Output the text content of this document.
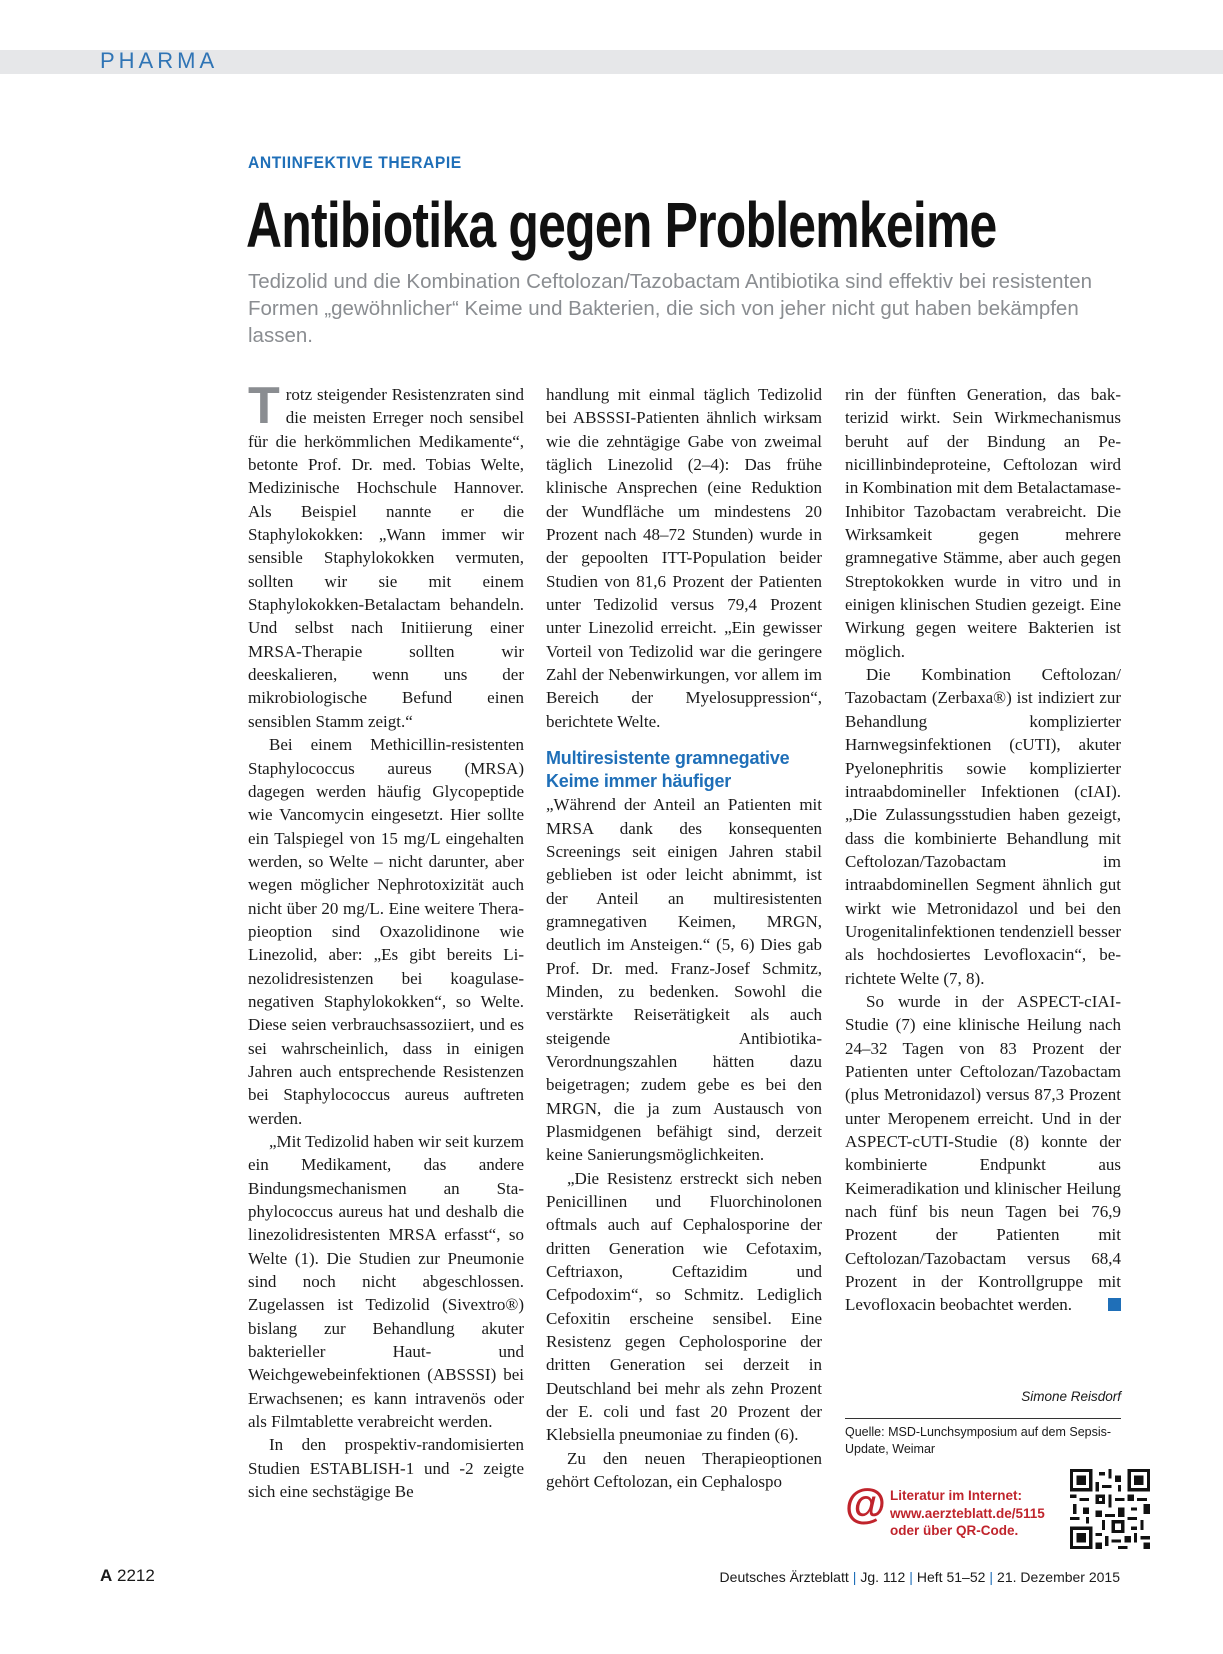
PHARMA
ANTIINFEKTIVE THERAPIE
Antibiotika gegen Problemkeime
Tedizolid und die Kombination Ceftolozan/Tazobactam Antibiotika sind effektiv bei resistenten Formen „gewöhnlicher“ Keime und Bakterien, die sich von jeher nicht gut haben bekämpfen lassen.

Trotz steigender Resistenzraten sind die meisten Erreger noch sensibel für die herkömmlichen Medikamente“, betonte Prof. Dr. med. Tobias Welte, Medizinische Hochschule Hannover. Als Beispiel nannte er die Staphylokokken: „Wann immer wir sensible Staphylokokken vermuten, sollten wir sie mit einem Staphylokokken-Betalactam behandeln. Und selbst nach Initiierung einer MRSA-Therapie sollten wir deeskalieren, wenn uns der mikrobiologische Befund einen sensiblen Stamm zeigt.“

Bei einem Methicillin-resistenten Staphylococcus aureus (MRSA) dagegen werden häufig Glycopeptide wie Vancomycin eingesetzt. Hier sollte ein Talspiegel von 15 mg/L eingehalten werden, so Welte – nicht darunter, aber wegen möglicher Nephrotoxizität auch nicht über 20 mg/L. Eine weitere Therapieoption sind Oxazolidinone wie Linezolid, aber: „Es gibt bereits Linezolidresistenzen bei koagulasenegativen Staphylokokken“, so Welte. Diese seien verbrauchsassoziiert, und es sei wahrscheinlich, dass in einigen Jahren auch entsprechende Resistenzen bei Staphylococcus aureus auftreten werden.

„Mit Tedizolid haben wir seit kurzem ein Medikament, das andere Bindungsmechanismen an Staphylococcus aureus hat und deshalb die linezolidresistenten MRSA erfasst“, so Welte (1). Die Studien zur Pneumonie sind noch nicht abgeschlossen. Zugelassen ist Tedizolid (Sivextro®) bislang zur Behandlung akuter bakterieller Haut- und Weichgewebeinfektionen (ABSSSI) bei Erwachsenen; es kann intravenös oder als Filmtablette verabreicht werden.

In den prospektiv-randomisierten Studien ESTABLISH-1 und -2 zeigte sich eine sechstägige Be

handlung mit einmal täglich Tedizolid bei ABSSSI-Patienten ähnlich wirksam wie die zehntägige Gabe von zweimal täglich Linezolid (2–4): Das frühe klinische Ansprechen (eine Reduktion der Wundfläche um mindestens 20 Prozent nach 48–72 Stunden) wurde in der gepoolten ITT-Population beider Studien von 81,6 Prozent der Patienten unter Tedizolid versus 79,4 Prozent unter Linezolid erreicht. „Ein gewisser Vorteil von Tedizolid war die geringere Zahl der Nebenwirkungen, vor allem im Bereich der Myelosuppression“, berichtete Welte.

Multiresistente gramnegative Keime immer häufiger

„Während der Anteil an Patienten mit MRSA dank des konsequenten Screenings seit einigen Jahren stabil geblieben ist oder leicht abnimmt, ist der Anteil an multiresistenten gramnegativen Keimen, MRGN, deutlich im Ansteigen.“ (5, 6) Dies gab Prof. Dr. med. Franz-Josef Schmitz, Minden, zu bedenken. Sowohl die verstärkte Reiseтätigkeit als auch steigende Antibiotika-Verordnungszahlen hätten dazu beigetragen; zudem gebe es bei den MRGN, die ja zum Austausch von Plasmidgenen befähigt sind, derzeit keine Sanierungsmöglichkeiten.

„Die Resistenz erstreckt sich neben Penicillinen und Fluorchinolonen oftmals auch auf Cephalosporine der dritten Generation wie Cefotaxim, Ceftriaxon, Ceftazidim und Cefpodoxim“, so Schmitz. Lediglich Cefoxitin erscheine sensibel. Eine Resistenz gegen Cepholosporine der dritten Generation sei derzeit in Deutschland bei mehr als zehn Prozent der E. coli und fast 20 Prozent der Klebsiella pneumoniae zu finden (6).

Zu den neuen Therapieoptionen gehört Ceftolozan, ein Cephalospo

rin der fünften Generation, das bakterizid wirkt. Sein Wirkmechanismus beruht auf der Bindung an Penicillinbindeproteine, Ceftolozan wird in Kombination mit dem Betalactamase-Inhibitor Tazobactam verabreicht. Die Wirksamkeit gegen mehrere gramnegative Stämme, aber auch gegen Streptokokken wurde in vitro und in einigen klinischen Studien gezeigt. Eine Wirkung gegen weitere Bakterien ist möglich.

Die Kombination Ceftolozan/ Tazobactam (Zerbaxa®) ist indiziert zur Behandlung komplizierter Harnwegsinfektionen (cUTI), akuter Pyelonephritis sowie komplizierter intraabdomineller Infektionen (cIAI). „Die Zulassungsstudien haben gezeigt, dass die kombinierte Behandlung mit Ceftolozan/Tazobactam im intraabdominellen Segment ähnlich gut wirkt wie Metronidazol und bei den Urogenitalinfektionen tendenziell besser als hochdosiertes Levofloxacin“, berichtete Welte (7, 8).

So wurde in der ASPECT-cIAI-Studie (7) eine klinische Heilung nach 24–32 Tagen von 83 Prozent der Patienten unter Ceftolozan/Tazobactam (plus Metronidazol) versus 87,3 Prozent unter Meropenem erreicht. Und in der ASPECT-cUTI-Studie (8) konnte der kombinierte Endpunkt aus Keimeradikation und klinischer Heilung nach fünf bis neun Tagen bei 76,9 Prozent der Patienten mit Ceftolozan/Tazobactam versus 68,4 Prozent in der Kontrollgruppe mit Levofloxacin beobachtet werden.

Simone Reisdorf
Quelle: MSD-Lunchsymposium auf dem Sepsis-Update, Weimar
@ Literatur im Internet:
www.aerzteblatt.de/5115
oder über QR-Code.
A 2212	Deutsches Ärzteblatt | Jg. 112 | Heft 51–52 | 21. Dezember 2015
